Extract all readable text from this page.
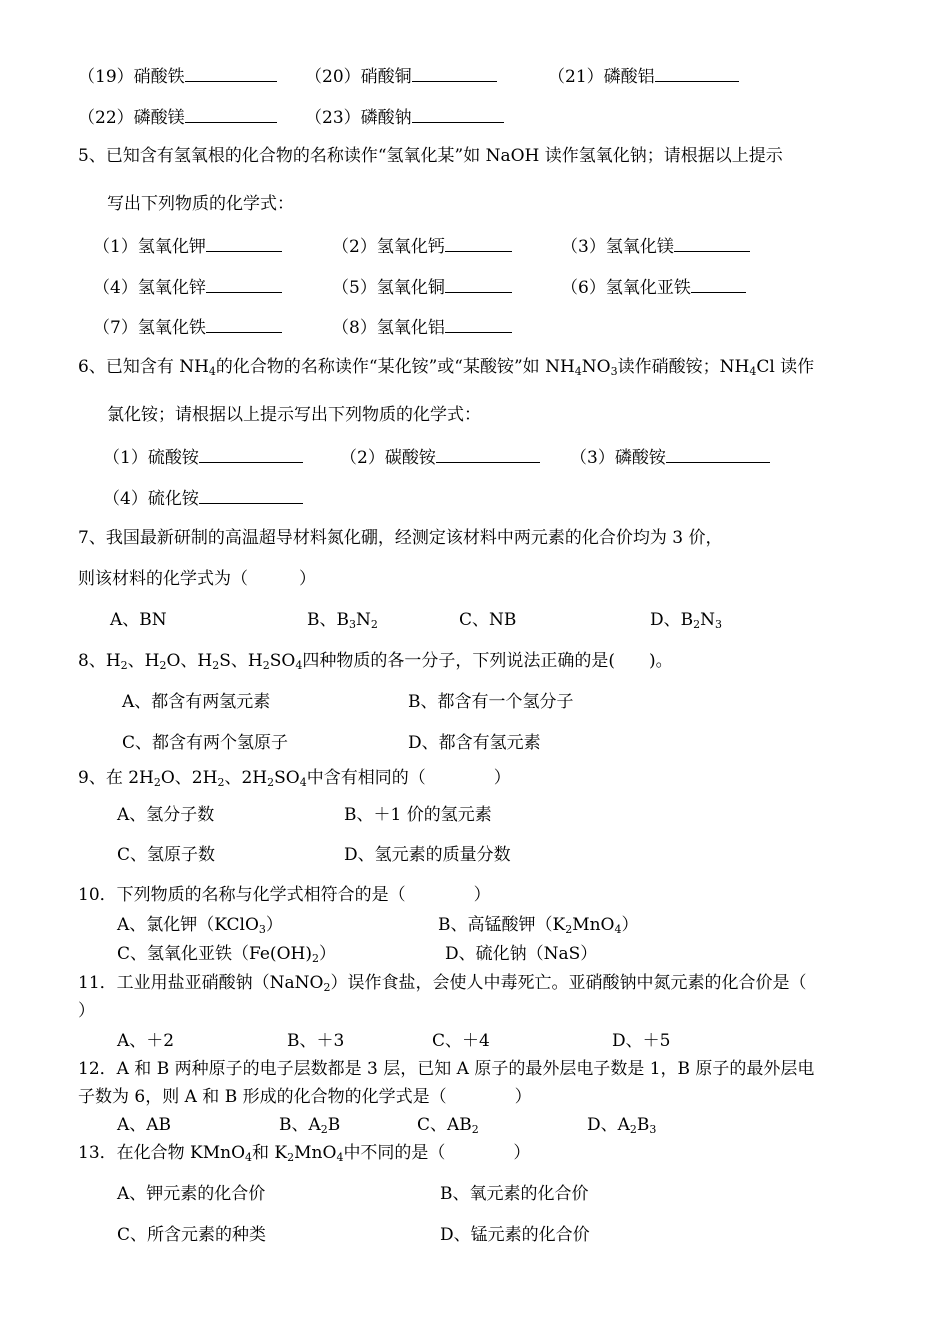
（19）硝酸铁	（20）硝酸铜	（21）磷酸铝
（22）磷酸镁	（23）磷酸钠
5、已知含有氢氧根的化合物的名称读作“氢氧化某”如 NaOH 读作氢氧化钠；请根据以上提示
写出下列物质的化学式：
（1）氢氧化钾	（2）氢氧化钙	（3）氢氧化镁
（4）氢氧化锌	（5）氢氧化铜	（6）氢氧化亚铁
（7）氢氧化铁	（8）氢氧化铝
6、已知含有 $NH_4$的化合物的名称读作“某化铵”或“某酸铵”如 $NH_4NO_3$读作硝酸铵；$NH_4Cl$ 读作
氯化铵；请根据以上提示写出下列物质的化学式：
（1）硫酸铵	（2）碳酸铵	（3）磷酸铵
（4）硫化铵
7、我国最新研制的高温超导材料氮化硼，经测定该材料中两元素的化合价均为 3 价，
则该材料的化学式为（　　　）
A、BN	B、$B_3N_2$	C、NB	D、$B_2N_3$
8、$H_2$、$H_2O$、$H_2S$、$H_2SO_4$四种物质的各一分子，下列说法正确的是(　　)。
A、都含有两氢元素	B、都含有一个氢分子
C、都含有两个氢原子	D、都含有氢元素
9、在 $2H_2O$、$2H_2$、$2H_2SO_4$中含有相同的（　　　　）
A、氢分子数	B、＋1 价的氢元素
C、氢原子数	D、氢元素的质量分数
10．下列物质的名称与化学式相符合的是（　　　　）
A、氯化钾（KClO$_3$）	B、高锰酸钾$(K_2MnO_4)$
C、氢氧化亚铁$(Fe(OH)_2)$	D、硫化钠（NaS）
11．工业用盐亚硝酸钠（NaNO$_2$）误作食盐，会使人中毒死亡。亚硝酸钠中氮元素的化合价是（
）
A、＋2	B、＋3	C、＋4	D、＋5
12．A 和 B 两种原子的电子层数都是 3 层，已知 A 原子的最外层电子数是 1，B 原子的最外层电
子数为 6，则 A 和 B 形成的化合物的化学式是（　　　　）
A、AB	B、$A_2B$	C、$AB_2$	D、$A_2B_3$
13．在化合物 KMnO$_4$和 $K_2MnO_4$中不同的是（　　　　）
A、钾元素的化合价	B、氧元素的化合价
C、所含元素的种类	D、锰元素的化合价
